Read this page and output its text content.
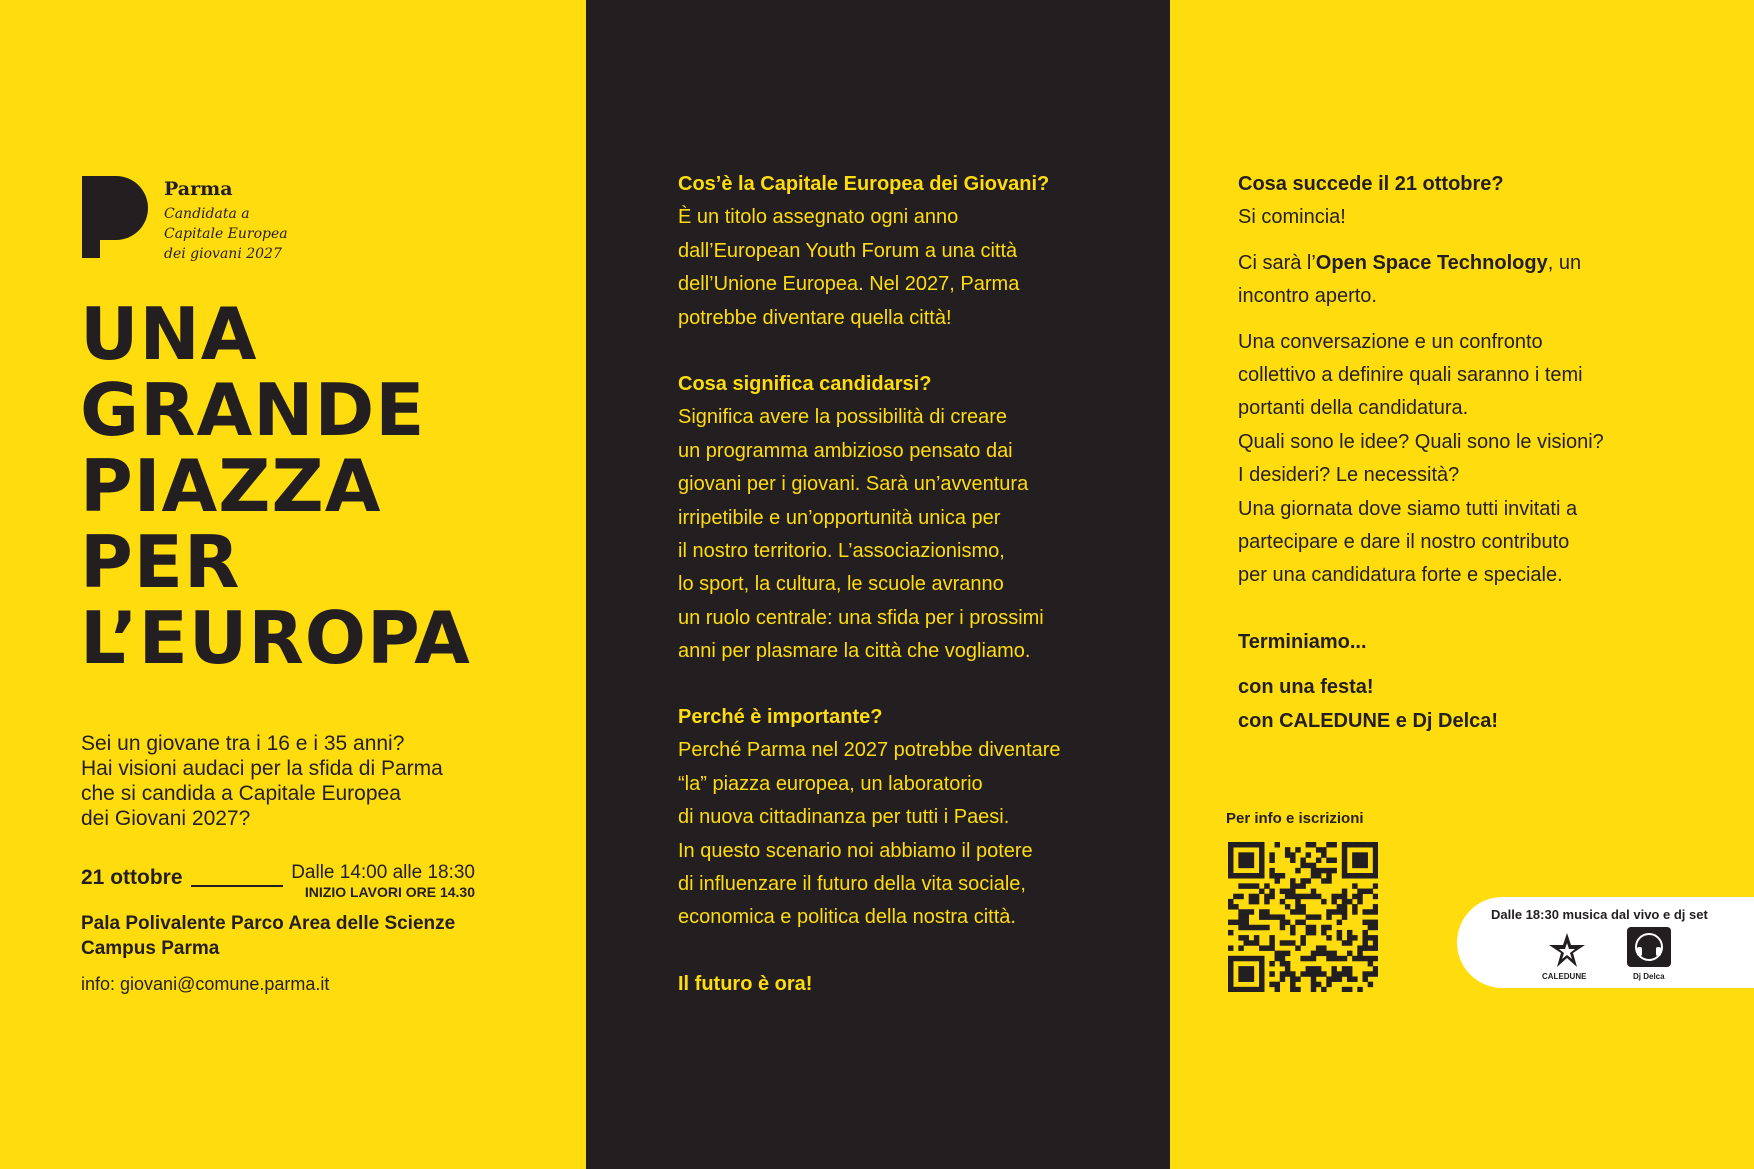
Parma
Candidata a
Capitale Europea
dei giovani 2027
UNA
GRANDE
PIAZZA
PER
L’EUROPA
Sei un giovane tra i 16 e i 35 anni?
Hai visioni audaci per la sfida di Parma
che si candida a Capitale Europea
dei Giovani 2027?
21 ottobre	Dalle 14:00 alle 18:30
INIZIO LAVORI ORE 14.30
Pala Polivalente Parco Area delle Scienze
Campus Parma
info: giovani@comune.parma.it
Cos’è la Capitale Europea dei Giovani?
È un titolo assegnato ogni anno
dall’European Youth Forum a una città
dell’Unione Europea. Nel 2027, Parma
potrebbe diventare quella città!
Cosa significa candidarsi?
Significa avere la possibilità di creare
un programma ambizioso pensato dai
giovani per i giovani. Sarà un’avventura
irripetibile e un’opportunità unica per
il nostro territorio. L’associazionismo,
lo sport, la cultura, le scuole avranno
un ruolo centrale: una sfida per i prossimi
anni per plasmare la città che vogliamo.
Perché è importante?
Perché Parma nel 2027 potrebbe diventare
“la” piazza europea, un laboratorio
di nuova cittadinanza per tutti i Paesi.
In questo scenario noi abbiamo il potere
di influenzare il futuro della vita sociale,
economica e politica della nostra città.
Il futuro è ora!
Cosa succede il 21 ottobre?
Si comincia!
Ci sarà l’Open Space Technology, un
incontro aperto.
Una conversazione e un confronto
collettivo a definire quali saranno i temi
portanti della candidatura.
Quali sono le idee? Quali sono le visioni?
I desideri? Le necessità?
Una giornata dove siamo tutti invitati a
partecipare e dare il nostro contributo
per una candidatura forte e speciale.
Terminiamo...
con una festa!
con CALEDUNE e Dj Delca!
Per info e iscrizioni
Dalle 18:30 musica dal vivo e dj set
CALEDUNE	Dj Delca
